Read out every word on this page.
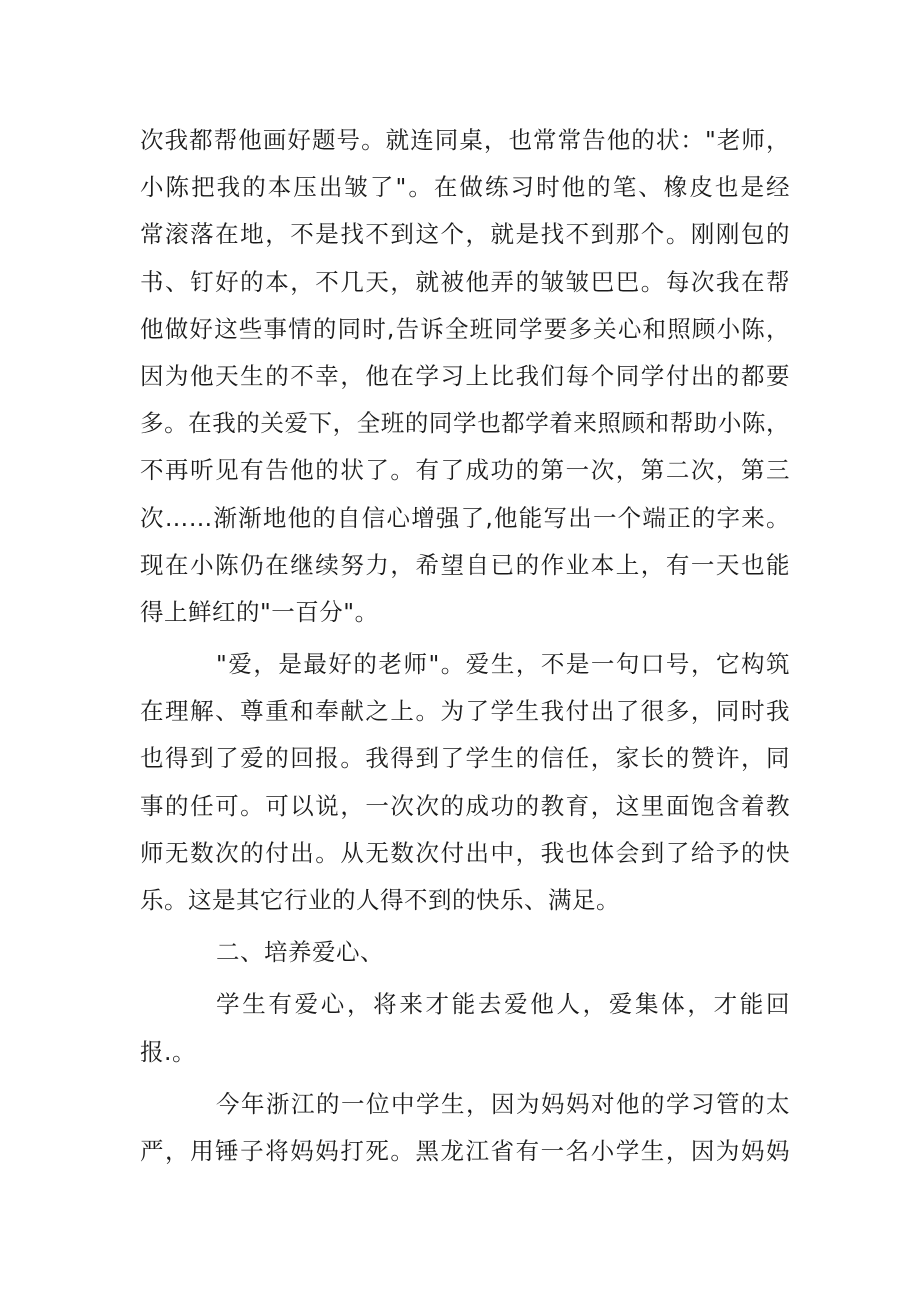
次我都帮他画好题号。就连同桌，也常常告他的状："老师，
小陈把我的本压出皱了"。在做练习时他的笔、橡皮也是经
常滚落在地，不是找不到这个，就是找不到那个。刚刚包的
书、钉好的本，不几天，就被他弄的皱皱巴巴。每次我在帮
他做好这些事情的同时,告诉全班同学要多关心和照顾小陈，
因为他天生的不幸，他在学习上比我们每个同学付出的都要
多。在我的关爱下，全班的同学也都学着来照顾和帮助小陈，
不再听见有告他的状了。有了成功的第一次，第二次，第三
次……渐渐地他的自信心增强了,他能写出一个端正的字来。
现在小陈仍在继续努力，希望自已的作业本上，有一天也能
得上鲜红的"一百分"。
"爱，是最好的老师"。爱生，不是一句口号，它构筑
在理解、尊重和奉献之上。为了学生我付出了很多，同时我
也得到了爱的回报。我得到了学生的信任，家长的赞许，同
事的任可。可以说，一次次的成功的教育，这里面饱含着教
师无数次的付出。从无数次付出中，我也体会到了给予的快
乐。这是其它行业的人得不到的快乐、满足。
二、培养爱心、
学生有爱心，将来才能去爱他人，爱集体，才能回
报.。
今年浙江的一位中学生，因为妈妈对他的学习管的太
严，用锤子将妈妈打死。黑龙江省有一名小学生，因为妈妈
